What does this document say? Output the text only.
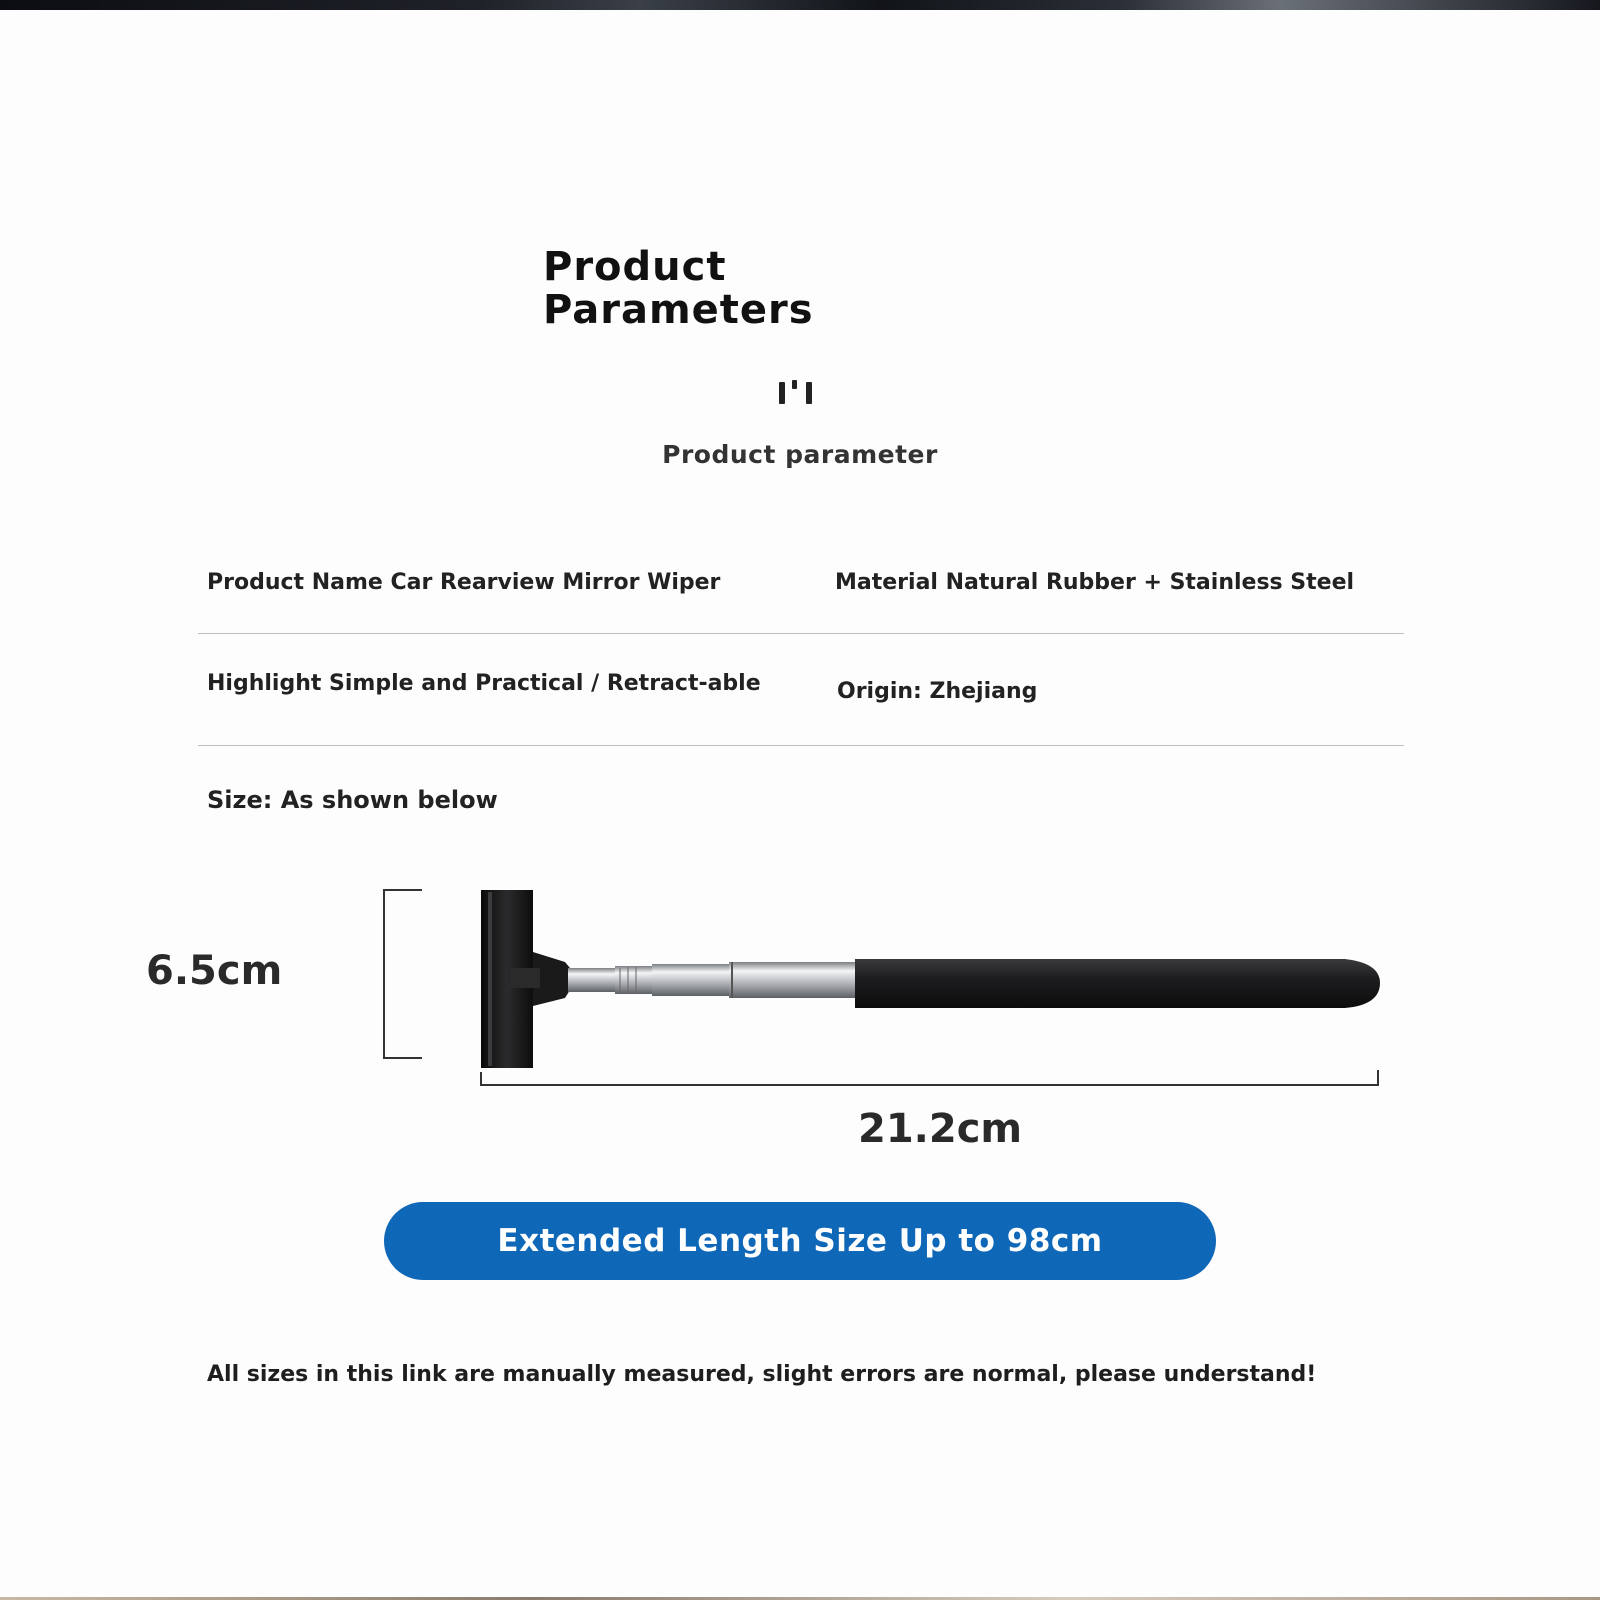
Product
Parameters
Product parameter
Product Name Car Rearview Mirror Wiper	Material Natural Rubber + Stainless Steel
Highlight Simple and Practical / Retract-able	Origin: Zhejiang
Size: As shown below
6.5cm
21.2cm
Extended Length Size Up to 98cm
All sizes in this link are manually measured, slight errors are normal, please understand!
